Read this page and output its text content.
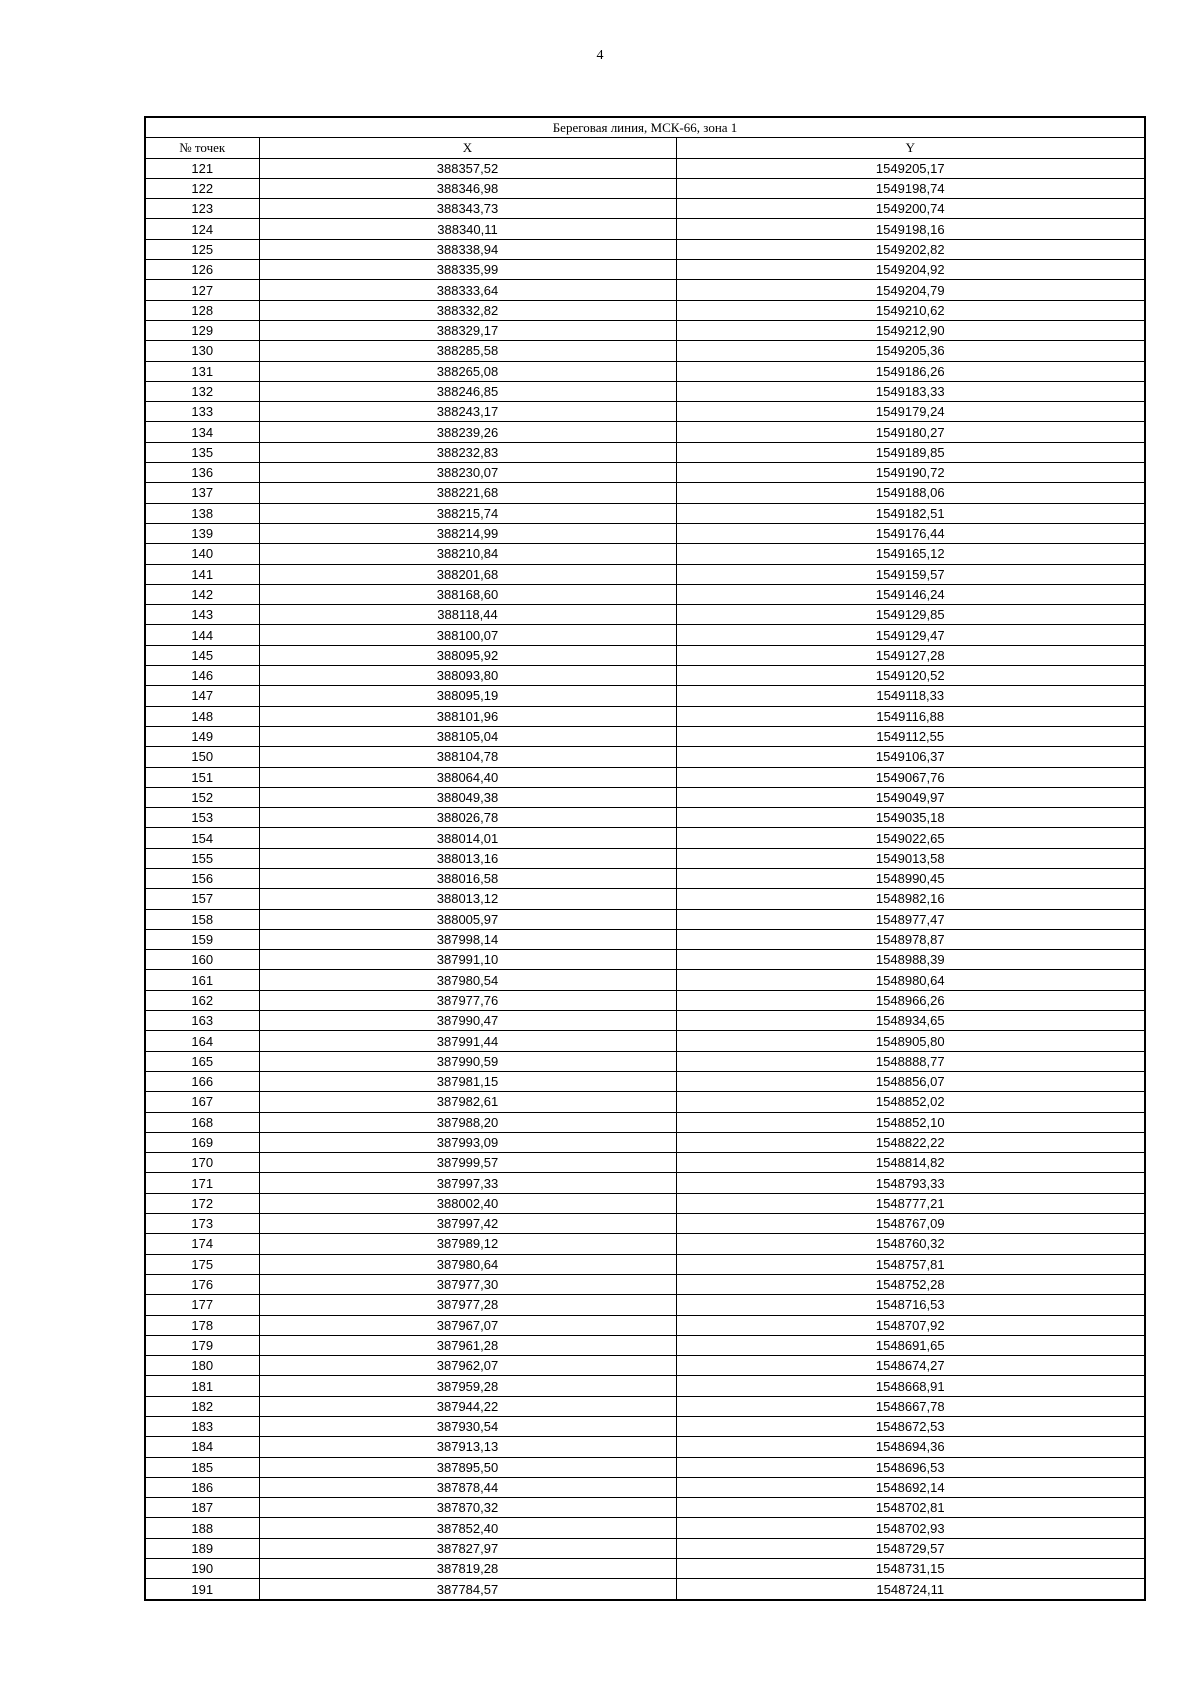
4
Береговая линия, МСК-66, зона 1		
№ точек	X	Y
121	388357,52	1549205,17
122	388346,98	1549198,74
123	388343,73	1549200,74
124	388340,11	1549198,16
125	388338,94	1549202,82
126	388335,99	1549204,92
127	388333,64	1549204,79
128	388332,82	1549210,62
129	388329,17	1549212,90
130	388285,58	1549205,36
131	388265,08	1549186,26
132	388246,85	1549183,33
133	388243,17	1549179,24
134	388239,26	1549180,27
135	388232,83	1549189,85
136	388230,07	1549190,72
137	388221,68	1549188,06
138	388215,74	1549182,51
139	388214,99	1549176,44
140	388210,84	1549165,12
141	388201,68	1549159,57
142	388168,60	1549146,24
143	388118,44	1549129,85
144	388100,07	1549129,47
145	388095,92	1549127,28
146	388093,80	1549120,52
147	388095,19	1549118,33
148	388101,96	1549116,88
149	388105,04	1549112,55
150	388104,78	1549106,37
151	388064,40	1549067,76
152	388049,38	1549049,97
153	388026,78	1549035,18
154	388014,01	1549022,65
155	388013,16	1549013,58
156	388016,58	1548990,45
157	388013,12	1548982,16
158	388005,97	1548977,47
159	387998,14	1548978,87
160	387991,10	1548988,39
161	387980,54	1548980,64
162	387977,76	1548966,26
163	387990,47	1548934,65
164	387991,44	1548905,80
165	387990,59	1548888,77
166	387981,15	1548856,07
167	387982,61	1548852,02
168	387988,20	1548852,10
169	387993,09	1548822,22
170	387999,57	1548814,82
171	387997,33	1548793,33
172	388002,40	1548777,21
173	387997,42	1548767,09
174	387989,12	1548760,32
175	387980,64	1548757,81
176	387977,30	1548752,28
177	387977,28	1548716,53
178	387967,07	1548707,92
179	387961,28	1548691,65
180	387962,07	1548674,27
181	387959,28	1548668,91
182	387944,22	1548667,78
183	387930,54	1548672,53
184	387913,13	1548694,36
185	387895,50	1548696,53
186	387878,44	1548692,14
187	387870,32	1548702,81
188	387852,40	1548702,93
189	387827,97	1548729,57
190	387819,28	1548731,15
191	387784,57	1548724,11
